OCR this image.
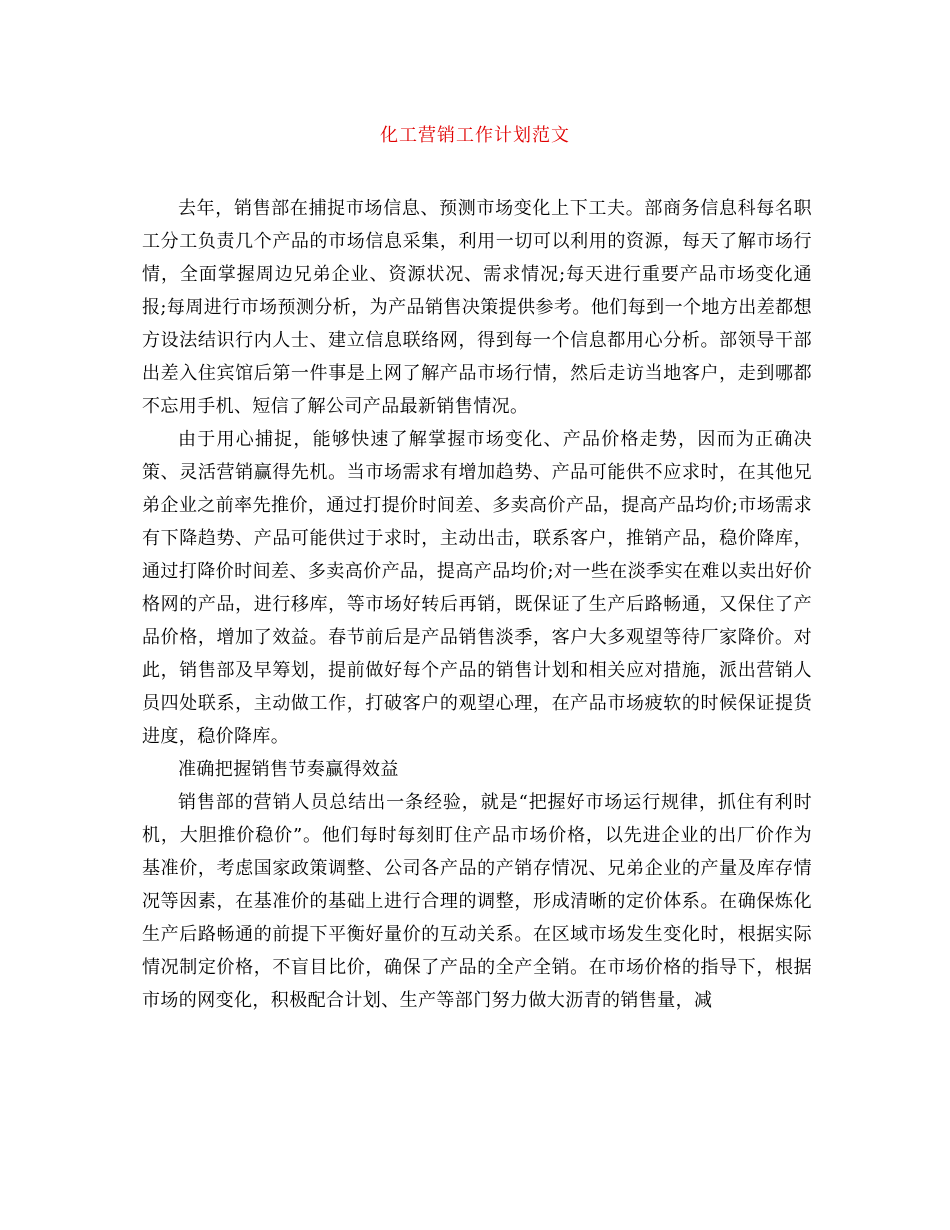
化工营销工作计划范文

去年，销售部在捕捉市场信息、预测市场变化上下工夫。部商务信息科每名职工分工负责几个产品的市场信息采集，利用一切可以利用的资源，每天了解市场行情，全面掌握周边兄弟企业、资源状况、需求情况;每天进行重要产品市场变化通报;每周进行市场预测分析，为产品销售决策提供参考。他们每到一个地方出差都想方设法结识行内人士、建立信息联络网，得到每一个信息都用心分析。部领导干部出差入住宾馆后第一件事是上网了解产品市场行情，然后走访当地客户，走到哪都不忘用手机、短信了解公司产品最新销售情况。

由于用心捕捉，能够快速了解掌握市场变化、产品价格走势，因而为正确决策、灵活营销赢得先机。当市场需求有增加趋势、产品可能供不应求时，在其他兄弟企业之前率先推价，通过打提价时间差、多卖高价产品，提高产品均价;市场需求有下降趋势、产品可能供过于求时，主动出击，联系客户，推销产品，稳价降库，通过打降价时间差、多卖高价产品，提高产品均价;对一些在淡季实在难以卖出好价格网的产品，进行移库，等市场好转后再销，既保证了生产后路畅通，又保住了产品价格，增加了效益。春节前后是产品销售淡季，客户大多观望等待厂家降价。对此，销售部及早筹划，提前做好每个产品的销售计划和相关应对措施，派出营销人员四处联系，主动做工作，打破客户的观望心理，在产品市场疲软的时候保证提货进度，稳价降库。

准确把握销售节奏赢得效益

销售部的营销人员总结出一条经验，就是“把握好市场运行规律，抓住有利时机，大胆推价稳价”。他们每时每刻盯住产品市场价格，以先进企业的出厂价作为基准价，考虑国家政策调整、公司各产品的产销存情况、兄弟企业的产量及库存情况等因素，在基准价的基础上进行合理的调整，形成清晰的定价体系。在确保炼化生产后路畅通的前提下平衡好量价的互动关系。在区域市场发生变化时，根据实际情况制定价格，不盲目比价，确保了产品的全产全销。在市场价格的指导下，根据市场的网变化，积极配合计划、生产等部门努力做大沥青的销售量，减
